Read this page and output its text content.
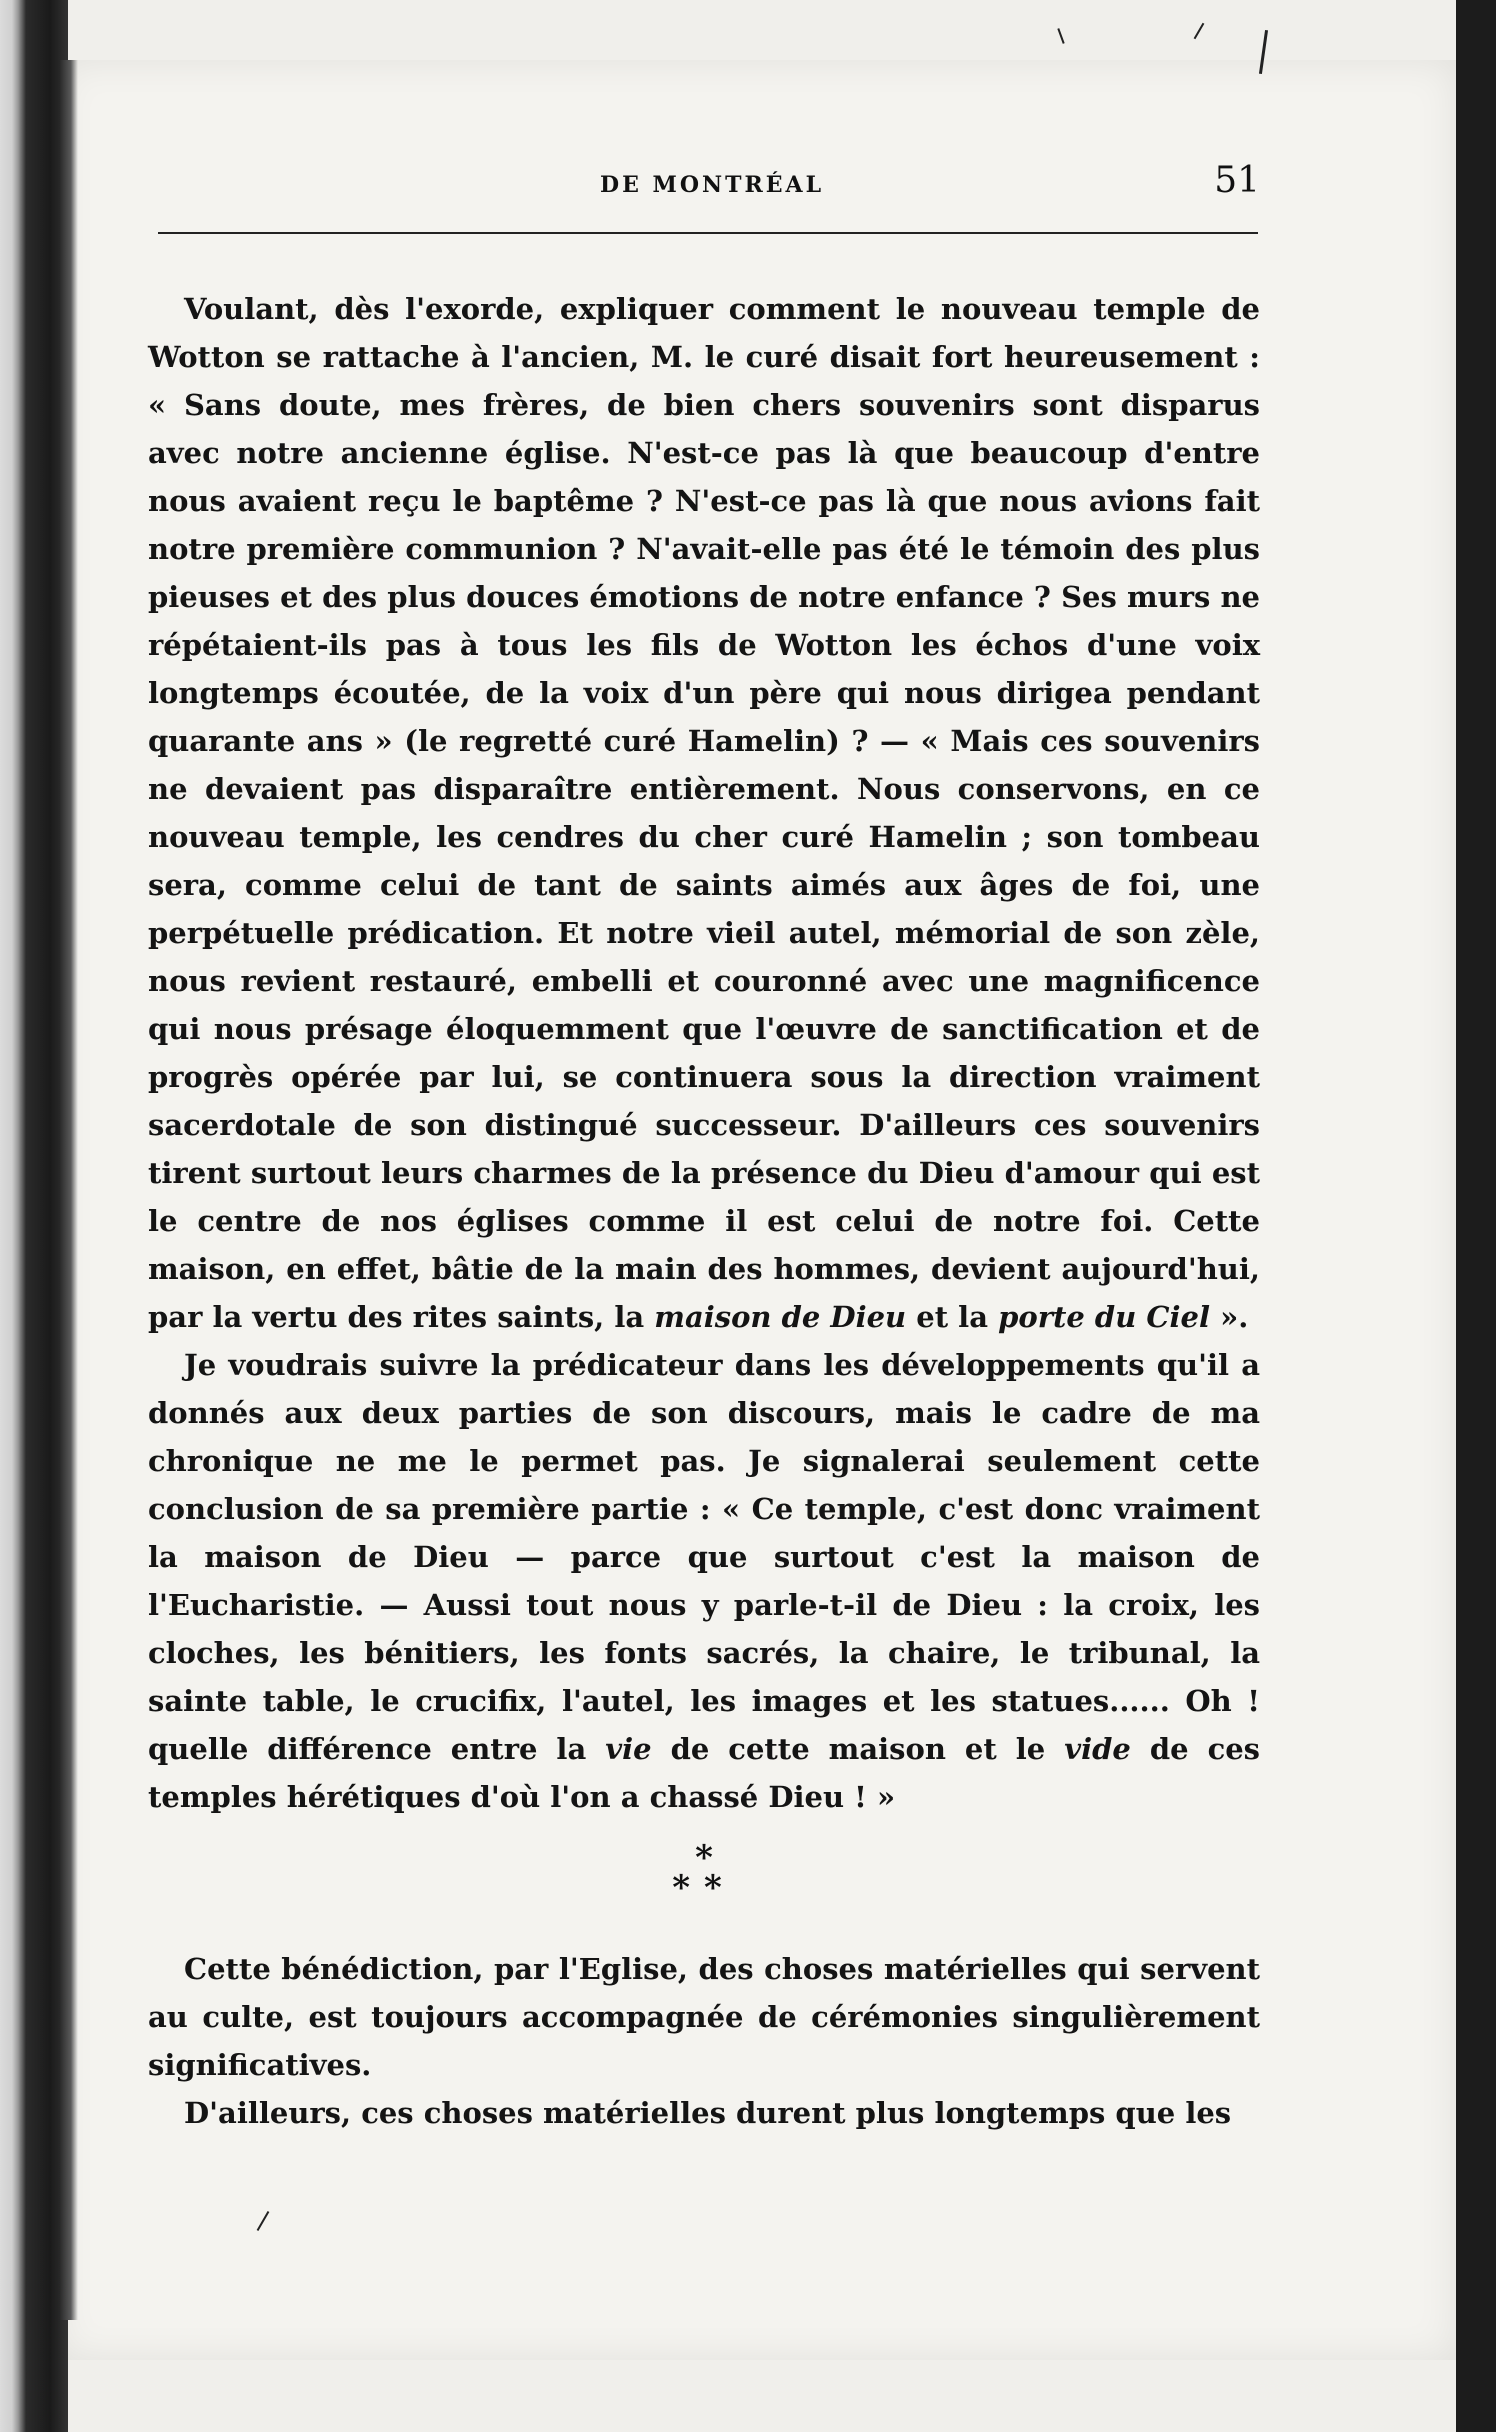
DE MONTRÉAL	51

Voulant, dès l'exorde, expliquer comment le nouveau temple de Wotton se rattache à l'ancien, M. le curé disait fort heureusement : « Sans doute, mes frères, de bien chers souvenirs sont disparus avec notre ancienne église. N'est-ce pas là que beaucoup d'entre nous avaient reçu le baptême ? N'est-ce pas là que nous avions fait notre première communion ? N'avait-elle pas été le témoin des plus pieuses et des plus douces émotions de notre enfance ? Ses murs ne répétaient-ils pas à tous les fils de Wotton les échos d'une voix longtemps écoutée, de la voix d'un père qui nous dirigea pendant quarante ans » (le regretté curé Hamelin) ? — « Mais ces souvenirs ne devaient pas disparaître entièrement. Nous conservons, en ce nouveau temple, les cendres du cher curé Hamelin ; son tombeau sera, comme celui de tant de saints aimés aux âges de foi, une perpétuelle prédication. Et notre vieil autel, mémorial de son zèle, nous revient restauré, embelli et couronné avec une magnificence qui nous présage éloquemment que l'œuvre de sanctification et de progrès opérée par lui, se continuera sous la direction vraiment sacerdotale de son distingué successeur. D'ailleurs ces souvenirs tirent surtout leurs charmes de la présence du Dieu d'amour qui est le centre de nos églises comme il est celui de notre foi. Cette maison, en effet, bâtie de la main des hommes, devient aujourd'hui, par la vertu des rites saints, la maison de Dieu et la porte du Ciel ».

Je voudrais suivre la prédicateur dans les développements qu'il a donnés aux deux parties de son discours, mais le cadre de ma chronique ne me le permet pas. Je signalerai seulement cette conclusion de sa première partie : « Ce temple, c'est donc vraiment la maison de Dieu — parce que surtout c'est la maison de l'Eucharistie. — Aussi tout nous y parle-t-il de Dieu : la croix, les cloches, les bénitiers, les fonts sacrés, la chaire, le tribunal, la sainte table, le crucifix, l'autel, les images et les statues...... Oh ! quelle différence entre la vie de cette maison et le vide de ces temples hérétiques d'où l'on a chassé Dieu ! »

*
**

Cette bénédiction, par l'Eglise, des choses matérielles qui servent au culte, est toujours accompagnée de cérémonies singulièrement significatives.

D'ailleurs, ces choses matérielles durent plus longtemps que les
